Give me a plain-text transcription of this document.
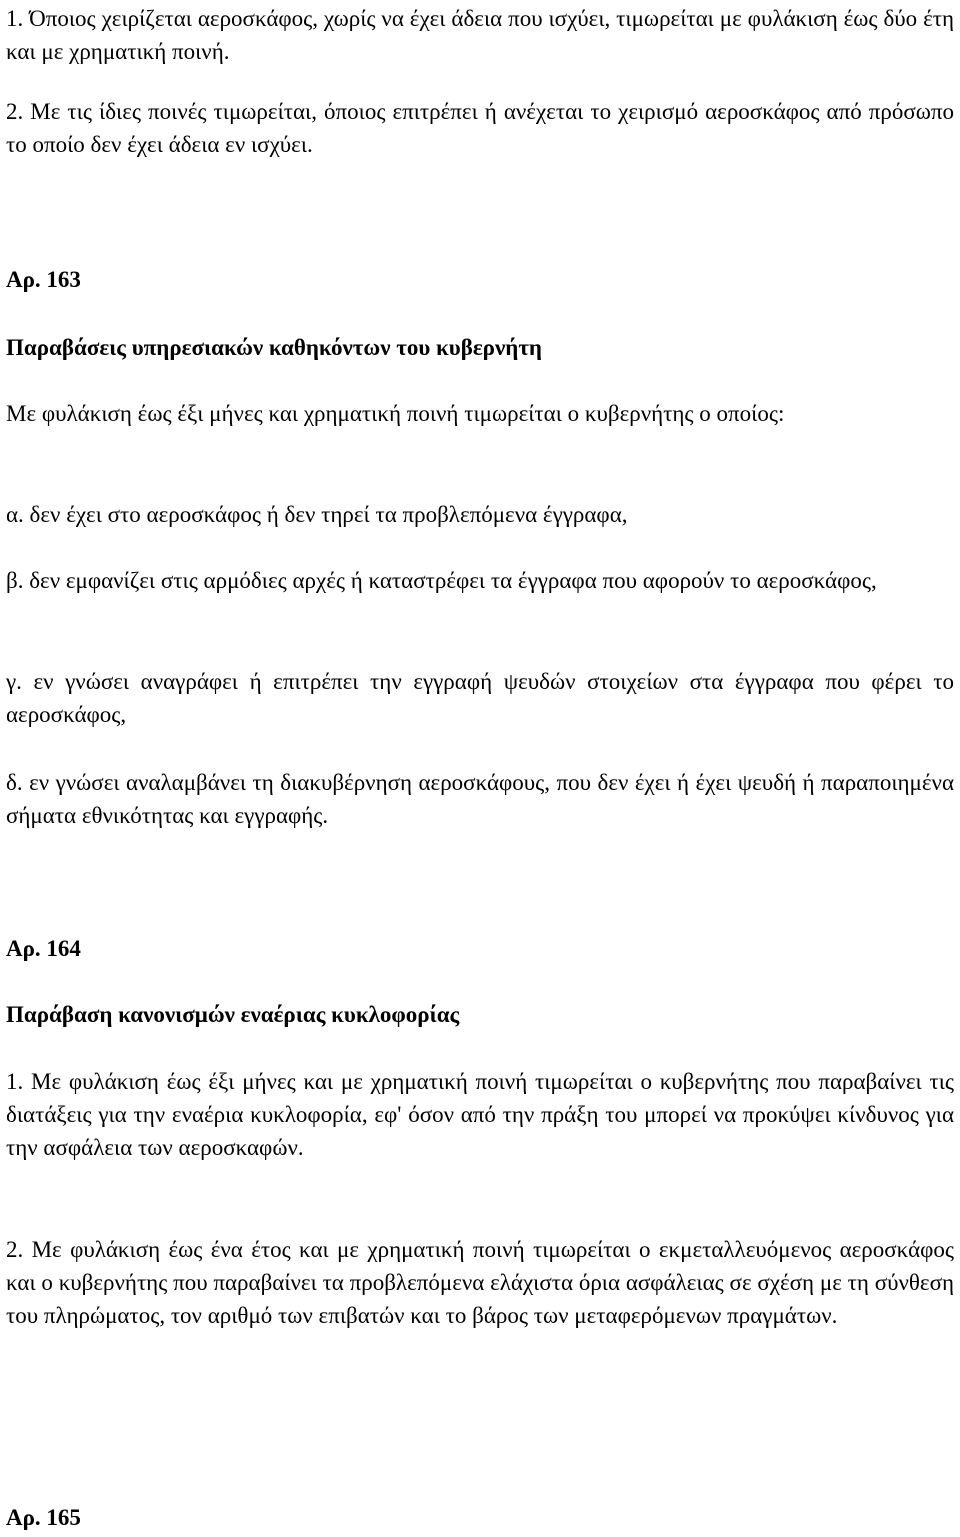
1. Όποιος χειρίζεται αεροσκάφος, χωρίς να έχει άδεια που ισχύει, τιμωρείται με φυλάκιση έως δύο έτη και με χρηματική ποινή.

2. Με τις ίδιες ποινές τιμωρείται, όποιος επιτρέπει ή ανέχεται το χειρισμό αεροσκάφος από πρόσωπο το οποίο δεν έχει άδεια εν ισχύει.

Αρ. 163

Παραβάσεις υπηρεσιακών καθηκόντων του κυβερνήτη

Με φυλάκιση έως έξι μήνες και χρηματική ποινή τιμωρείται ο κυβερνήτης ο οποίος:

α. δεν έχει στο αεροσκάφος ή δεν τηρεί τα προβλεπόμενα έγγραφα,

β. δεν εμφανίζει στις αρμόδιες αρχές ή καταστρέφει τα έγγραφα που αφορούν το αεροσκάφος,

γ. εν γνώσει αναγράφει ή επιτρέπει την εγγραφή ψευδών στοιχείων στα έγγραφα που φέρει το αεροσκάφος,

δ. εν γνώσει αναλαμβάνει τη διακυβέρνηση αεροσκάφους, που δεν έχει ή έχει ψευδή ή παραποιημένα σήματα εθνικότητας και εγγραφής.

Αρ. 164

Παράβαση κανονισμών εναέριας κυκλοφορίας

1. Με φυλάκιση έως έξι μήνες και με χρηματική ποινή τιμωρείται ο κυβερνήτης που παραβαίνει τις διατάξεις για την εναέρια κυκλοφορία, εφ' όσον από την πράξη του μπορεί να προκύψει κίνδυνος για την ασφάλεια των αεροσκαφών.

2. Με φυλάκιση έως ένα έτος και με χρηματική ποινή τιμωρείται ο εκμεταλλευόμενος αεροσκάφος και ο κυβερνήτης που παραβαίνει τα προβλεπόμενα ελάχιστα όρια ασφάλειας σε σχέση με τη σύνθεση του πληρώματος, τον αριθμό των επιβατών και το βάρος των μεταφερόμενων πραγμάτων.

Αρ. 165
